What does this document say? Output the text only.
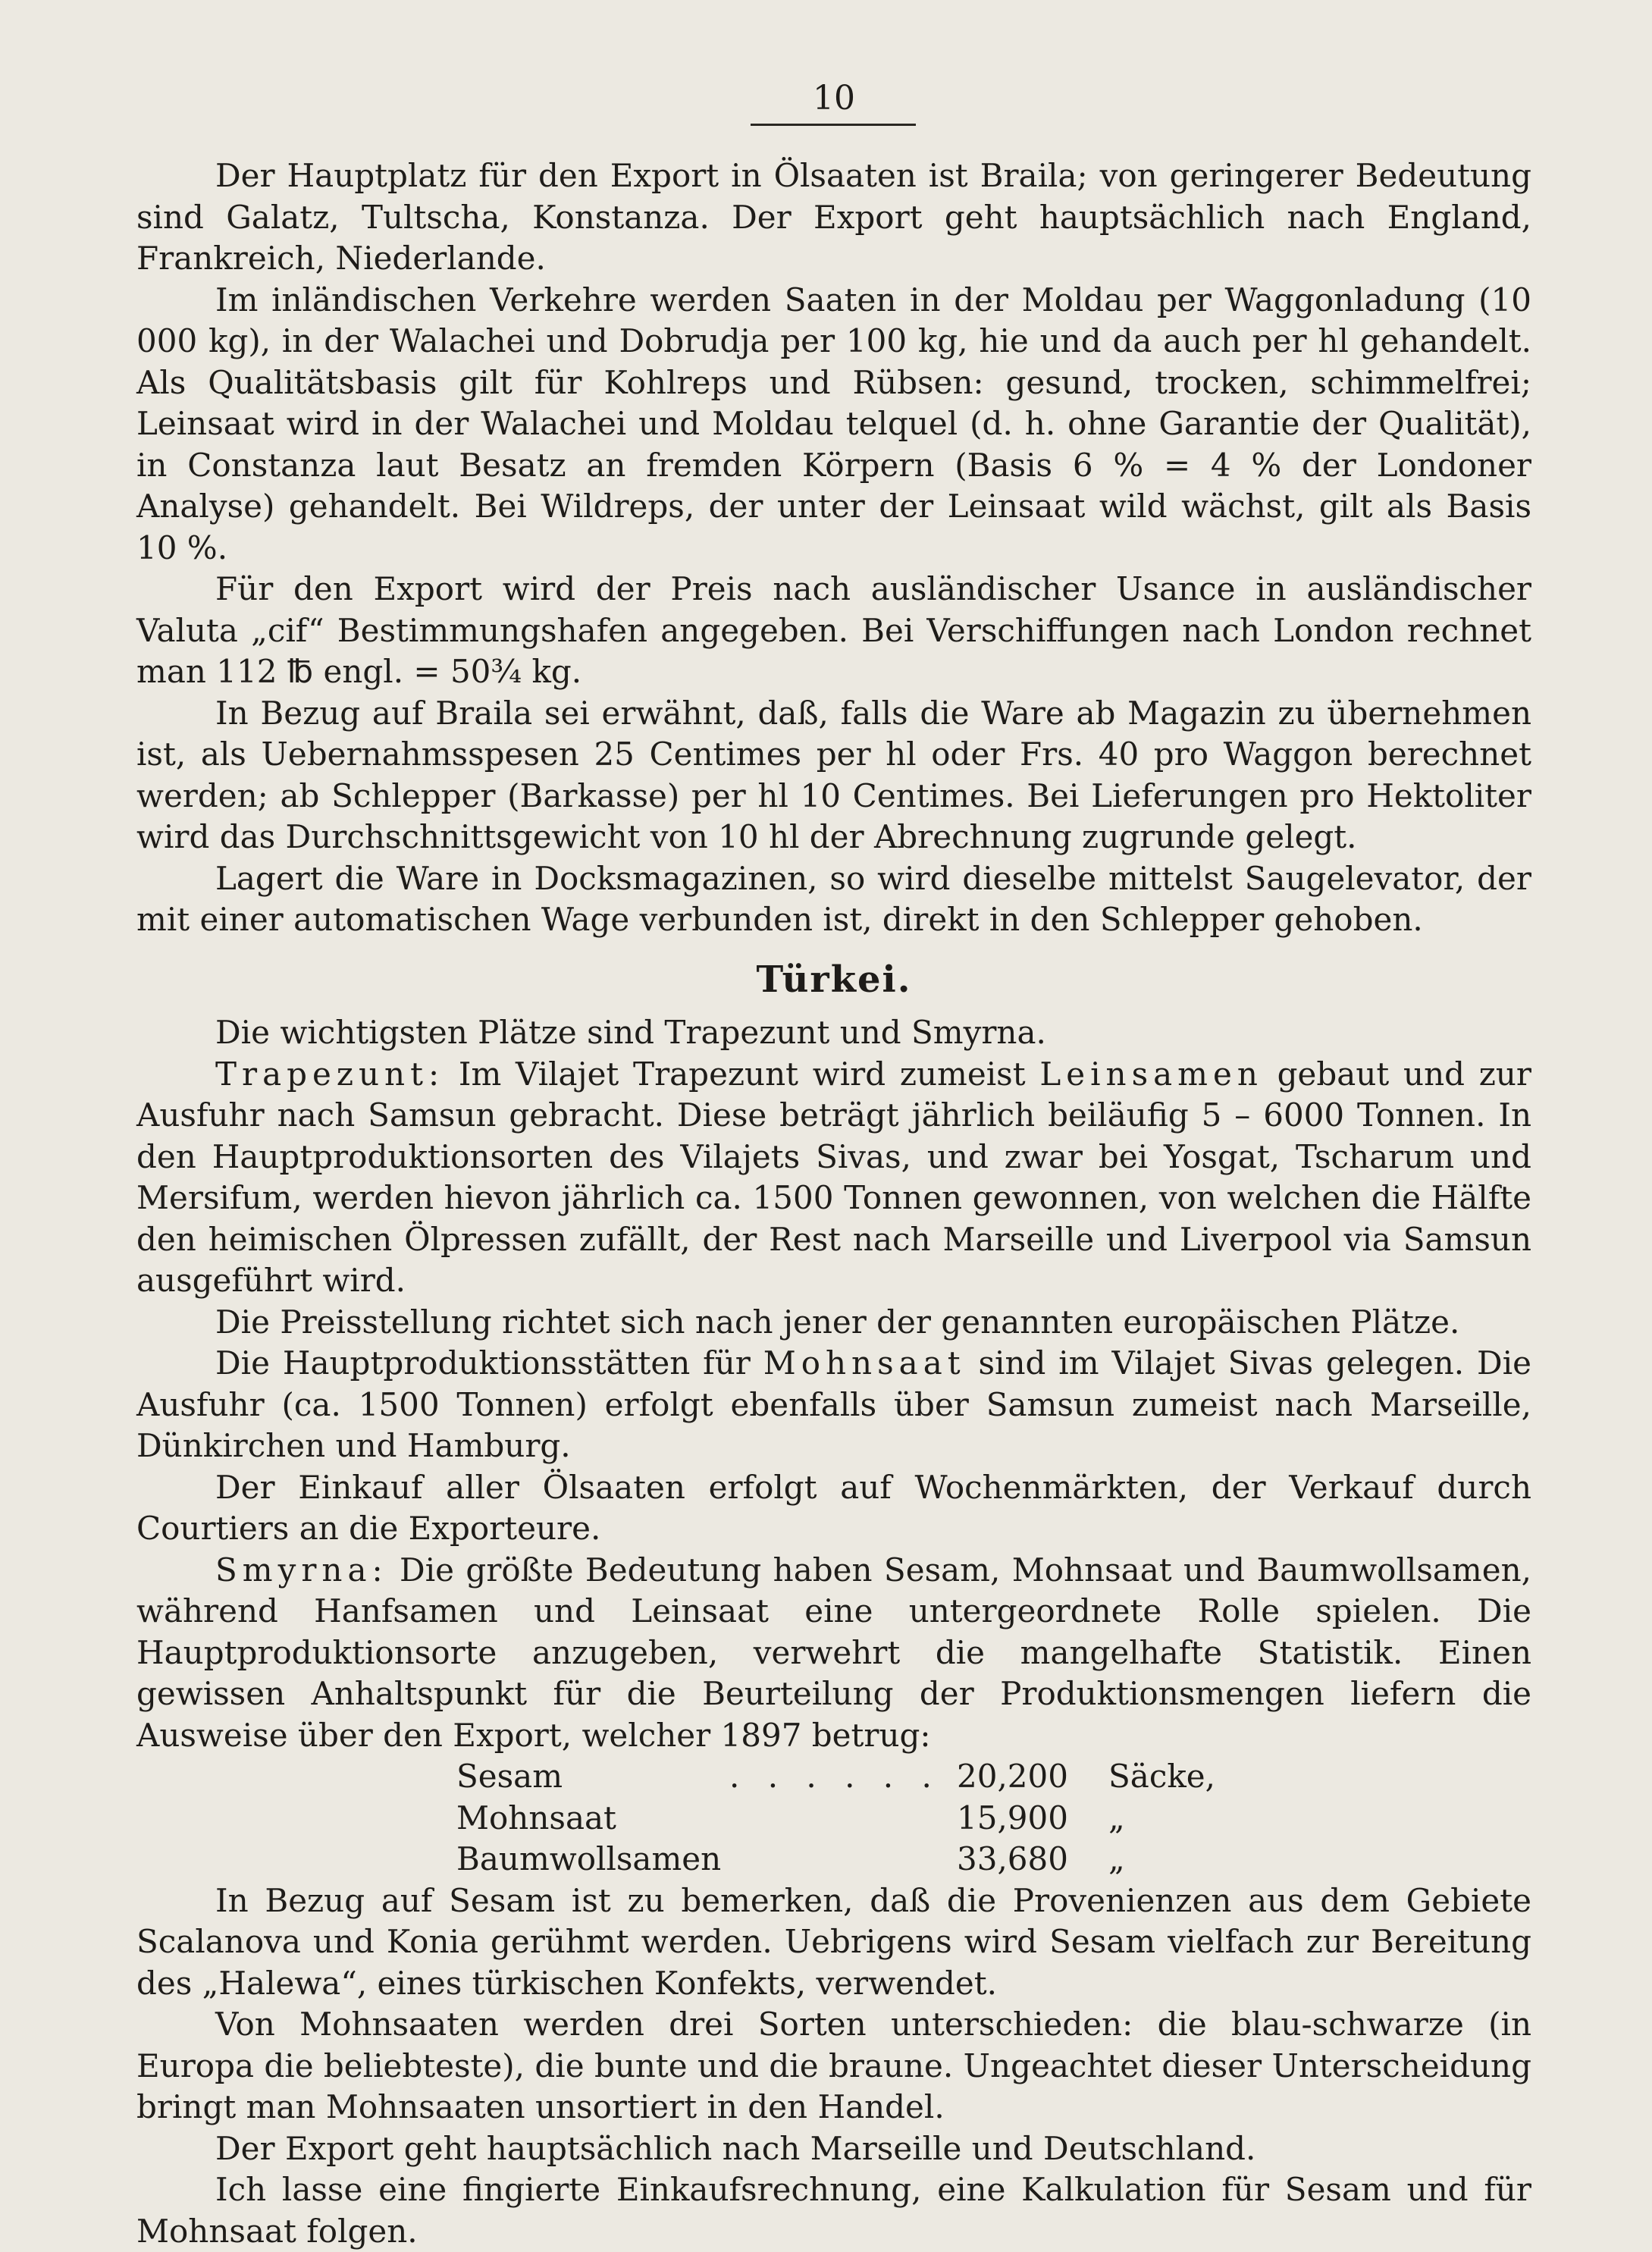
10

Der Hauptplatz für den Export in Ölsaaten ist Braila; von geringerer Bedeutung sind Galatz, Tultscha, Konstanza. Der Export geht hauptsächlich nach England, Frankreich, Niederlande.

Im inländischen Verkehre werden Saaten in der Moldau per Waggonladung (10 000 kg), in der Walachei und Dobrudja per 100 kg, hie und da auch per hl gehandelt. Als Qualitätsbasis gilt für Kohlreps und Rübsen: gesund, trocken, schimmelfrei; Leinsaat wird in der Walachei und Moldau telquel (d. h. ohne Garantie der Qualität), in Constanza laut Besatz an fremden Körpern (Basis 6 % = 4 % der Londoner Analyse) gehandelt. Bei Wildreps, der unter der Leinsaat wild wächst, gilt als Basis 10 %.

Für den Export wird der Preis nach ausländischer Usance in ausländischer Valuta „cif“ Bestimmungshafen angegeben. Bei Verschiffungen nach London rechnet man 112 ℔ engl. = 50¾ kg.

In Bezug auf Braila sei erwähnt, daß, falls die Ware ab Magazin zu übernehmen ist, als Uebernahmsspesen 25 Centimes per hl oder Frs. 40 pro Waggon berechnet werden; ab Schlepper (Barkasse) per hl 10 Centimes. Bei Lieferungen pro Hektoliter wird das Durchschnittsgewicht von 10 hl der Abrechnung zugrunde gelegt.

Lagert die Ware in Docksmagazinen, so wird dieselbe mittelst Saugelevator, der mit einer automatischen Wage verbunden ist, direkt in den Schlepper gehoben.

Türkei.

Die wichtigsten Plätze sind Trapezunt und Smyrna.

Trapezunt: Im Vilajet Trapezunt wird zumeist Leinsamen gebaut und zur Ausfuhr nach Samsun gebracht. Diese beträgt jährlich beiläufig 5 – 6000 Tonnen. In den Hauptproduktionsorten des Vilajets Sivas, und zwar bei Yosgat, Tscharum und Mersifum, werden hievon jährlich ca. 1500 Tonnen gewonnen, von welchen die Hälfte den heimischen Ölpressen zufällt, der Rest nach Marseille und Liverpool via Samsun ausgeführt wird.

Die Preisstellung richtet sich nach jener der genannten europäischen Plätze.

Die Hauptproduktionsstätten für Mohnsaat sind im Vilajet Sivas gelegen. Die Ausfuhr (ca. 1500 Tonnen) erfolgt ebenfalls über Samsun zumeist nach Marseille, Dünkirchen und Hamburg.

Der Einkauf aller Ölsaaten erfolgt auf Wochenmärkten, der Verkauf durch Courtiers an die Exporteure.

Smyrna: Die größte Bedeutung haben Sesam, Mohnsaat und Baumwollsamen, während Hanfsamen und Leinsaat eine untergeordnete Rolle spielen. Die Hauptproduktionsorte anzugeben, verwehrt die mangelhafte Statistik. Einen gewissen Anhaltspunkt für die Beurteilung der Produktionsmengen liefern die Ausweise über den Export, welcher 1897 betrug:

Sesam	. . . . . . 20,200	Säcke,
Mohnsaat	15,900	„
Baumwollsamen	33,680	„

In Bezug auf Sesam ist zu bemerken, daß die Provenienzen aus dem Gebiete Scalanova und Konia gerühmt werden. Uebrigens wird Sesam vielfach zur Bereitung des „Halewa“, eines türkischen Konfekts, verwendet.

Von Mohnsaaten werden drei Sorten unterschieden: die blau-schwarze (in Europa die beliebteste), die bunte und die braune. Ungeachtet dieser Unterscheidung bringt man Mohnsaaten unsortiert in den Handel.

Der Export geht hauptsächlich nach Marseille und Deutschland.

Ich lasse eine fingierte Einkaufsrechnung, eine Kalkulation für Sesam und für Mohnsaat folgen.
